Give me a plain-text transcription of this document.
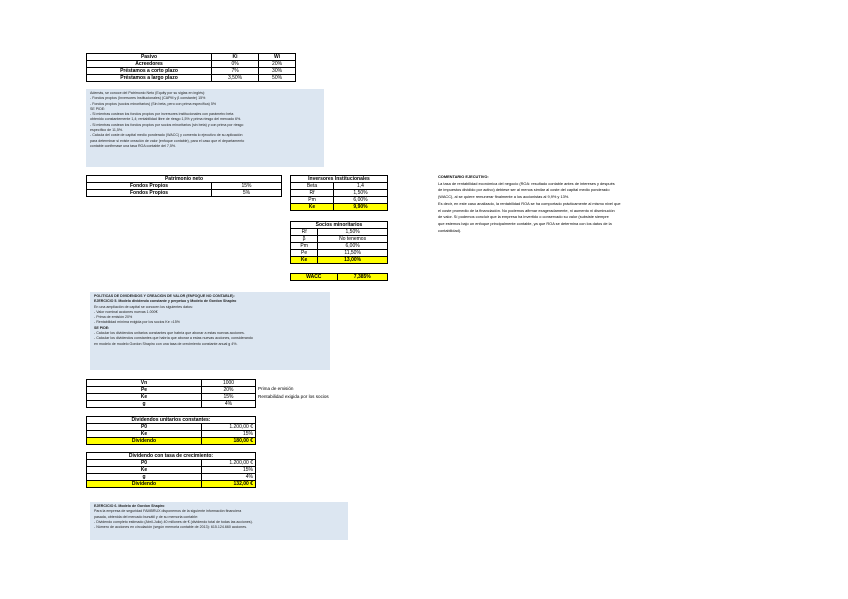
Pasivo	Ki	Wi
Acreedores	0%	20%
Préstamos a corto plazo	7%	30%
Préstamos a largo plazo	3,50%	50%
Además, se conoce del Patrimonio Neto (Equity por su siglas en inglés):
- Fondos propios (Inversores Institucionales) (CAPM y β constante) 15%
- Fondos propios (socios minoritarios) (Sin beta, pero con prima específica) 5%
SE PIDE:
- Si mientras costean los fondos propios por inversores institucionales con parámetro beta
obtenido constantemente 1,4; rentabilidad libre de riesgo 1,5% y prima riesgo del mercado 6%.
- Si mientras costean los fondos propios por socios minoritarios (sin beta) y con prima por riesgo
específico de 11,5%.
- Calcula del coste de capital medio ponderado (WACC) y comenta lo ejecutivo de su aplicación
para determinar si existe creación de valor (enfoque contable), para el caso que el departamento
contable confirmase una tasa ROA contable del 7,5%.
Patrimonio neto	
Fondos Propios	15%
Fondos Propios	5%
Inversores Institucionales	
Beta	1,4
Rf	1,50%
Pm	6,00%
Ke	9,90%
Socios minoritarios	
Rf	1,50%
β	No tenemos
Pm	6,00%
Pe	11,50%
Ke	13,00%
WACC	7,385%
COMENTARIO EJECUTIVO:
La tasa de rentabilidad económica del negocio (ROA: resultado contable antes de intereses y después
de impuestos dividido por activo) debiese ser al menos similar al coste del capital medio ponderado
(WACC), al se quiere remunerar finalmente a los accionistas al 9,9% y 13%.
Es decir, en este caso analizado, la rentabilidad ROA se ha comportado prácticamente al mismo nivel que
el coste promedio de la financiación. No podemos afirmar exageradamente, ni aumento ni disminución
de valor. Sí podemos concluir que la empresa ha invertido o conservado su valor (subsiste siempre
que estemos bajo un enfoque principalmente contable, ya que ROA se determina con los datos de la
contabilidad).
POLÍTICAS DE DIVIDENDOS Y CREACIÓN DE VALOR (ENFOQUE NO CONTABLE):
EJERCICIO 5. Modelo dividendo constante y perpetuo y Modelo de Gordon Shapiro
En una ampliación de capital se conocen los siguientes datos:
- Valor nominal acciones nuevas 1.000€
- Prima de emisión 20%
- Rentabilidad mínima exigida por los socios Ke =15%
SE PIDE:
- Calcular los dividendos unitarios constantes que habría que abonar a estas nuevas acciones.
- Calcular los dividendos constantes que habría que abonar a estas nuevas acciones, considerando
en modelo de modelo Gordon Shapiro con una tasa de crecimiento constante anual g 4%.
Vn	1000
Pe	20%
Ke	15%
g	4%
Prima de emisión
Rentabilidad exigida por los socios
Dividendos unitarios constantes:	
P0	1.200,00 €
Ke	15%
Dividendo	180,00 €
Dividendo con tasa de crecimiento:	
P0	1.200,00 €
Ke	15%
g	4%
Dividendo	132,00 €
EJERCICIO 6. Modelo de Gordon Shapiro
Para la empresa de seguridad FAMBRUX disponemos de la siguiente información financiera
pasada, obtenida del mercado bursátil y de su memoria contable:
- Dividendo completo estimado (Abril-Julio) 40 millones de € (dividendo total de todas las acciones).
- Número de acciones en circulación (según memoria contable de 2013): 615.124.660 acciones.
